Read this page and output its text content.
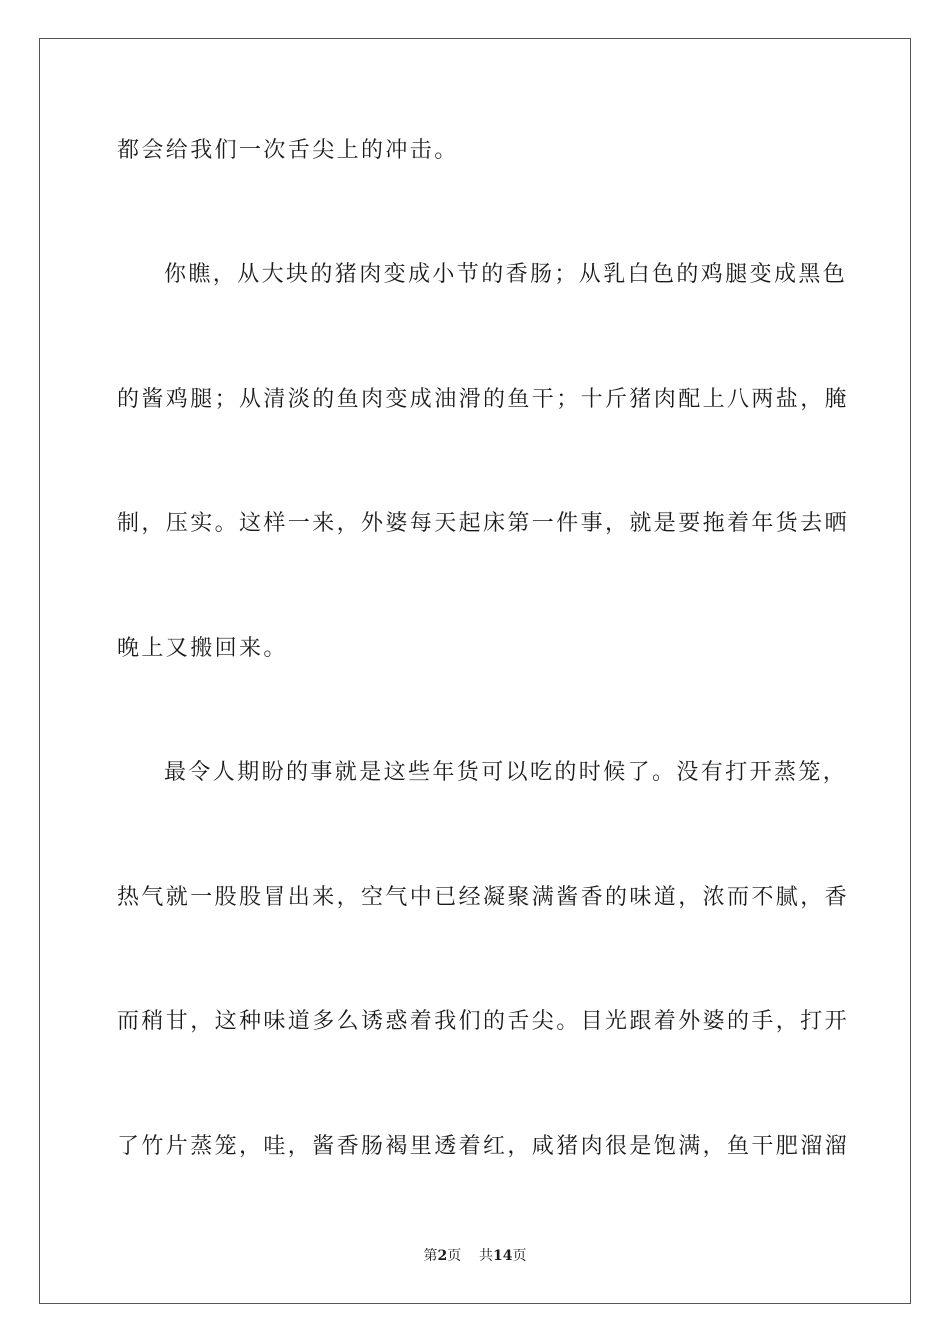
都会给我们一次舌尖上的冲击。
你瞧，从大块的猪肉变成小节的香肠；从乳白色的鸡腿变成黑色
的酱鸡腿；从清淡的鱼肉变成油滑的鱼干；十斤猪肉配上八两盐，腌
制，压实。这样一来，外婆每天起床第一件事，就是要拖着年货去晒
晚上又搬回来。
最令人期盼的事就是这些年货可以吃的时候了。没有打开蒸笼，
热气就一股股冒出来，空气中已经凝聚满酱香的味道，浓而不腻，香
而稍甘，这种味道多么诱惑着我们的舌尖。目光跟着外婆的手，打开
了竹片蒸笼，哇，酱香肠褐里透着红，咸猪肉很是饱满，鱼干肥溜溜
第2页 共14页
